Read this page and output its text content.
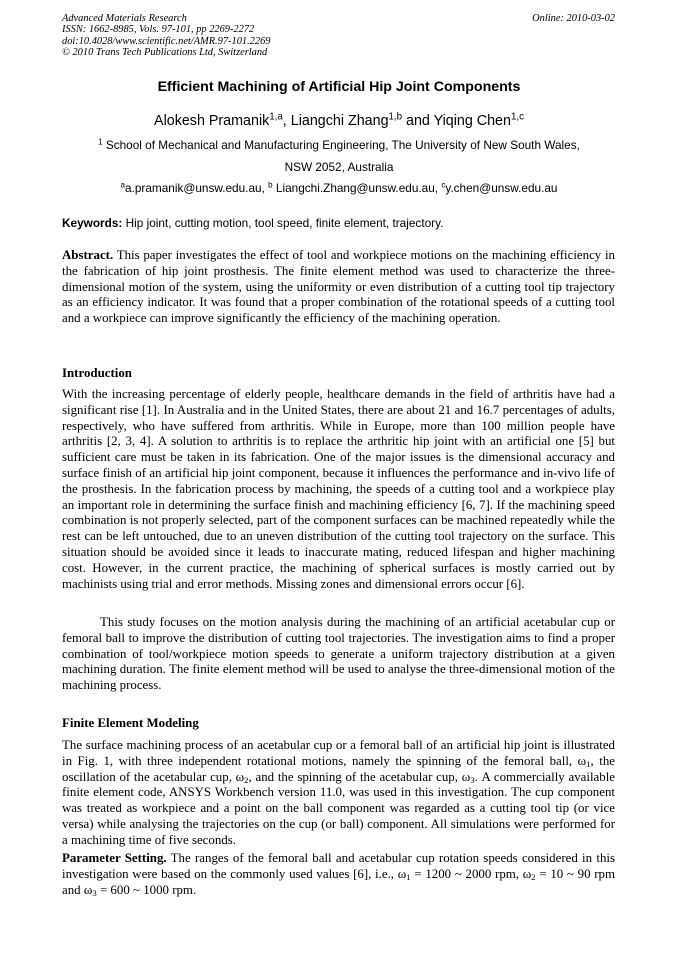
Advanced Materials Research
ISSN: 1662-8985, Vols. 97-101, pp 2269-2272
doi:10.4028/www.scientific.net/AMR.97-101.2269
© 2010 Trans Tech Publications Ltd, Switzerland
Online: 2010-03-02
Efficient Machining of Artificial Hip Joint Components
Alokesh Pramanik$^{1,a}$, Liangchi Zhang$^{1,b}$ and Yiqing Chen$^{1,c}$
$^1$ School of Mechanical and Manufacturing Engineering, The University of New South Wales,
NSW 2052, Australia
$^a$a.pramanik@unsw.edu.au, $^b$ Liangchi.Zhang@unsw.edu.au, $^c$y.chen@unsw.edu.au
Keywords: Hip joint, cutting motion, tool speed, finite element, trajectory.

Abstract. This paper investigates the effect of tool and workpiece motions on the machining efficiency in the fabrication of hip joint prosthesis. The finite element method was used to characterize the three-dimensional motion of the system, using the uniformity or even distribution of a cutting tool tip trajectory as an efficiency indicator. It was found that a proper combination of the rotational speeds of a cutting tool and a workpiece can improve significantly the efficiency of the machining operation.

Introduction

With the increasing percentage of elderly people, healthcare demands in the field of arthritis have had a significant rise [1]. In Australia and in the United States, there are about 21 and 16.7 percentages of adults, respectively, who have suffered from arthritis. While in Europe, more than 100 million people have arthritis [2, 3, 4]. A solution to arthritis is to replace the arthritic hip joint with an artificial one [5] but sufficient care must be taken in its fabrication. One of the major issues is the dimensional accuracy and surface finish of an artificial hip joint component, because it influences the performance and in-vivo life of the prosthesis. In the fabrication process by machining, the speeds of a cutting tool and a workpiece play an important role in determining the surface finish and machining efficiency [6, 7]. If the machining speed combination is not properly selected, part of the component surfaces can be machined repeatedly while the rest can be left untouched, due to an uneven distribution of the cutting tool trajectory on the surface. This situation should be avoided since it leads to inaccurate mating, reduced lifespan and higher machining cost. However, in the current practice, the machining of spherical surfaces is mostly carried out by machinists using trial and error methods. Missing zones and dimensional errors occur [6].

This study focuses on the motion analysis during the machining of an artificial acetabular cup or femoral ball to improve the distribution of cutting tool trajectories. The investigation aims to find a proper combination of tool/workpiece motion speeds to generate a uniform trajectory distribution at a given machining duration. The finite element method will be used to analyse the three-dimensional motion of the machining process.

Finite Element Modeling

The surface machining process of an acetabular cup or a femoral ball of an artificial hip joint is illustrated in Fig. 1, with three independent rotational motions, namely the spinning of the femoral ball, $\omega_1$, the oscillation of the acetabular cup, $\omega_2$, and the spinning of the acetabular cup, $\omega_3$. A commercially available finite element code, ANSYS Workbench version 11.0, was used in this investigation. The cup component was treated as workpiece and a point on the ball component was regarded as a cutting tool tip (or vice versa) while analysing the trajectories on the cup (or ball) component. All simulations were performed for a machining time of five seconds.

Parameter Setting. The ranges of the femoral ball and acetabular cup rotation speeds considered in this investigation were based on the commonly used values [6], i.e., $\omega_1 = 1200$ ~ 2000 rpm, $\omega_2 = 10$ ~ 90 rpm and $\omega_3 = 600$ ~ 1000 rpm.
